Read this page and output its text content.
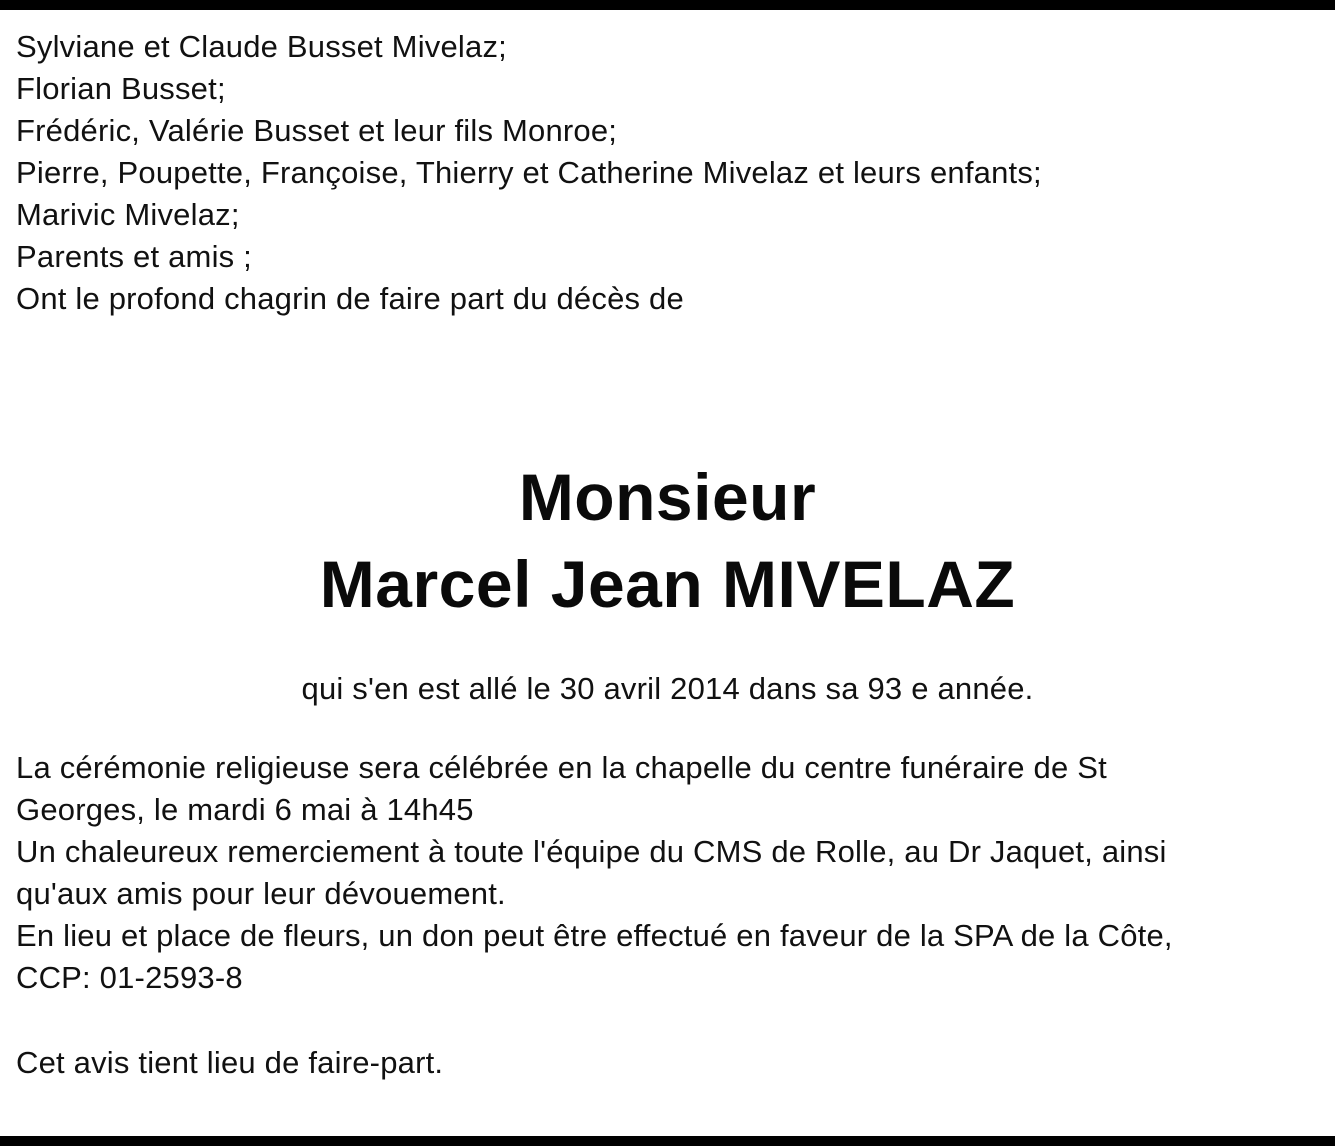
Sylviane et Claude Busset Mivelaz;
Florian Busset;
Frédéric, Valérie Busset et leur fils Monroe;
Pierre, Poupette, Françoise, Thierry et Catherine Mivelaz et leurs enfants;
Marivic Mivelaz;
Parents et amis ;
Ont le profond chagrin de faire part du décès de
Monsieur
Marcel Jean MIVELAZ
qui s'en est allé le 30 avril 2014 dans sa 93 e année.
La cérémonie religieuse sera célébrée en la chapelle du centre funéraire de St
Georges, le mardi 6 mai à 14h45
Un chaleureux remerciement à toute l'équipe du CMS de Rolle, au Dr Jaquet, ainsi
qu'aux amis pour leur dévouement.
En lieu et place de fleurs, un don peut être effectué en faveur de la SPA de la Côte,
CCP: 01-2593-8
Cet avis tient lieu de faire-part.
